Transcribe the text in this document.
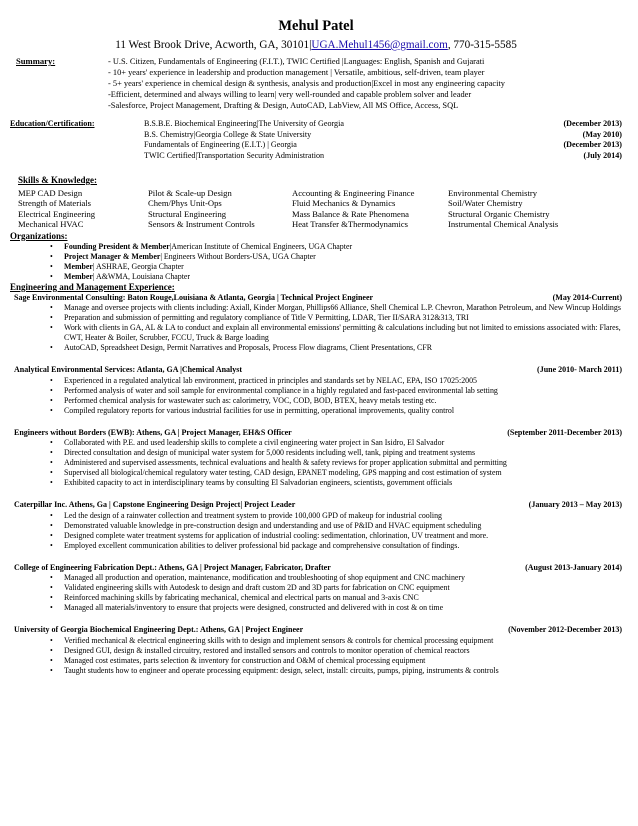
Mehul Patel
11 West Brook Drive, Acworth, GA, 30101|UGA.Mehul1456@gmail.com, 770-315-5585
Summary:	- U.S. Citizen, Fundamentals of Engineering (F.I.T.), TWIC Certified |Languages: English, Spanish and Gujarati
- 10+ years' experience in leadership and production management | Versatile, ambitious, self-driven, team player
- 5+ years' experience in chemical design & synthesis, analysis and production|Excel in most any engineering capacity
-Efficient, determined and always willing to learn| very well-rounded and capable problem solver and leader
-Salesforce, Project Management, Drafting & Design, AutoCAD, LabView, All MS Office, Access, SQL
Education/Certification:	B.S.B.E. Biochemical Engineering|The University of Georgia	(December 2013)
B.S. Chemistry|Georgia College & State University	(May 2010)
Fundamentals of Engineering (E.I.T.) | Georgia	(December 2013)
TWIC Certified|Transportation Security Administration	(July 2014)
Skills & Knowledge:
MEP CAD Design	Pilot & Scale-up Design	Accounting & Engineering Finance	Environmental Chemistry
Strength of Materials	Chem/Phys Unit-Ops	Fluid Mechanics & Dynamics	Soil/Water Chemistry
Electrical Engineering	Structural Engineering	Mass Balance & Rate Phenomena	Structural Organic Chemistry
Mechanical HVAC	Sensors & Instrument Controls	Heat Transfer &Thermodynamics	Instrumental Chemical Analysis
Organizations:
• Founding President & Member|American Institute of Chemical Engineers, UGA Chapter
• Project Manager & Member| Engineers Without Borders-USA, UGA Chapter
• Member| ASHRAE, Georgia Chapter
• Member| A&WMA, Louisiana Chapter
Engineering and Management Experience:
Sage Environmental Consulting: Baton Rouge,Louisiana & Atlanta, Georgia | Technical Project Engineer	(May 2014-Current)
• Manage and oversee projects with clients including: Axiall, Kinder Morgan, Phillips66 Alliance, Shell Chemical L.P. Chevron, Marathon Petroleum, and New Wincup Holdings
• Preparation and submission of permitting and regulatory compliance of Title V Permitting, LDAR, Tier II/SARA 312&313, TRI
• Work with clients in GA, AL & LA to conduct and explain all environmental emissions' permitting & calculations including but not limited to emissions associated with: Flares, CWT, Heater & Boiler, Scrubber, FCCU, Truck & Barge loading
• AutoCAD, Spreadsheet Design, Permit Narratives and Proposals, Process Flow diagrams, Client Presentations, CFR
Analytical Environmental Services: Atlanta, GA |Chemical Analyst	(June 2010- March 2011)
• Experienced in a regulated analytical lab environment, practiced in principles and standards set by NELAC, EPA, ISO 17025:2005
• Performed analysis of water and soil sample for environmental compliance in a highly regulated and fast-paced environmental lab setting
• Performed chemical analysis for wastewater such as: calorimetry, VOC, COD, BOD, BTEX, heavy metals testing etc.
• Compiled regulatory reports for various industrial facilities for use in permitting, operational improvements, quality control
Engineers without Borders (EWB): Athens, GA | Project Manager, EH&S Officer	(September 2011-December 2013)
• Collaborated with P.E. and used leadership skills to complete a civil engineering water project in San Isidro, El Salvador
• Directed consultation and design of municipal water system for 5,000 residents including well, tank, piping and treatment systems
• Administered and supervised assessments, technical evaluations and health & safety reviews for proper application submittal and permitting
• Supervised all biological/chemical regulatory water testing, CAD design, EPANET modeling, GPS mapping and cost estimation of system
• Exhibited capacity to act in interdisciplinary teams by consulting El Salvadorian engineers, scientists, government officials
Caterpillar Inc. Athens, Ga | Capstone Engineering Design Project| Project Leader	(January 2013 – May 2013)
• Led the design of a rainwater collection and treatment system to provide 100,000 GPD of makeup for industrial cooling
• Demonstrated valuable knowledge in pre-construction design and understanding and use of P&ID and HVAC equipment scheduling
• Designed complete water treatment systems for application of industrial cooling: sedimentation, chlorination, UV treatment and more.
• Employed excellent communication abilities to deliver professional bid package and comprehensive consultation of findings.
College of Engineering Fabrication Dept.: Athens, GA | Project Manager, Fabricator, Drafter	(August 2013-January 2014)
• Managed all production and operation, maintenance, modification and troubleshooting of shop equipment and CNC machinery
• Validated engineering skills with Autodesk to design and draft custom 2D and 3D parts for fabrication on CNC equipment
• Reinforced machining skills by fabricating mechanical, chemical and electrical parts on manual and 3-axis CNC
• Managed all materials/inventory to ensure that projects were designed, constructed and delivered with in cost & on time
University of Georgia Biochemical Engineering Dept.: Athens, GA | Project Engineer	(November 2012-December 2013)
• Verified mechanical & electrical engineering skills with to design and implement sensors & controls for chemical processing equipment
• Designed GUI, design & installed circuitry, restored and installed sensors and controls to monitor operation of chemical reactors
• Managed cost estimates, parts selection & inventory for construction and O&M of chemical processing equipment
• Taught students how to engineer and operate processing equipment: design, select, install: circuits, pumps, piping, instruments & controls
